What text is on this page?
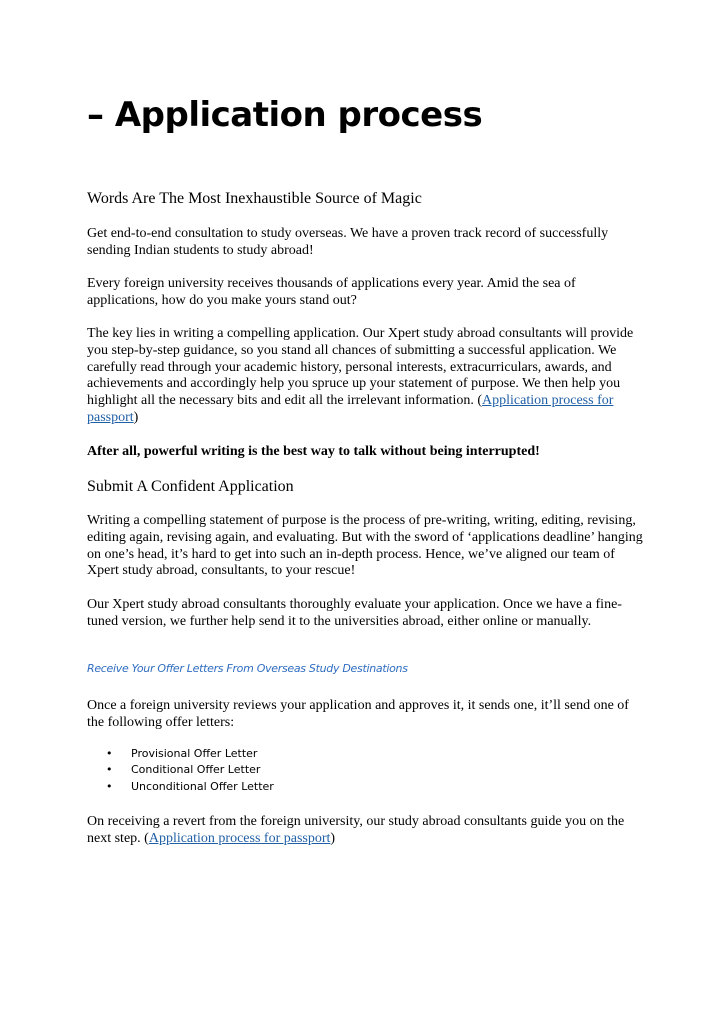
– Application process
Words Are The Most Inexhaustible Source of Magic

Get end-to-end consultation to study overseas. We have a proven track record of successfully sending Indian students to study abroad!

Every foreign university receives thousands of applications every year. Amid the sea of applications, how do you make yours stand out?

The key lies in writing a compelling application. Our Xpert study abroad consultants will provide you step-by-step guidance, so you stand all chances of submitting a successful application. We carefully read through your academic history, personal interests, extracurriculars, awards, and achievements and accordingly help you spruce up your statement of purpose. We then help you highlight all the necessary bits and edit all the irrelevant information. (Application process for passport)

After all, powerful writing is the best way to talk without being interrupted!

Submit A Confident Application

Writing a compelling statement of purpose is the process of pre-writing, writing, editing, revising, editing again, revising again, and evaluating. But with the sword of ‘applications deadline’ hanging on one’s head, it’s hard to get into such an in-depth process. Hence, we’ve aligned our team of Xpert study abroad, consultants, to your rescue!

Our Xpert study abroad consultants thoroughly evaluate your application. Once we have a fine-tuned version, we further help send it to the universities abroad, either online or manually.

Receive Your Offer Letters From Overseas Study Destinations

Once a foreign university reviews your application and approves it, it sends one, it’ll send one of the following offer letters:

• Provisional Offer Letter
• Conditional Offer Letter
• Unconditional Offer Letter

On receiving a revert from the foreign university, our study abroad consultants guide you on the next step. (Application process for passport)
